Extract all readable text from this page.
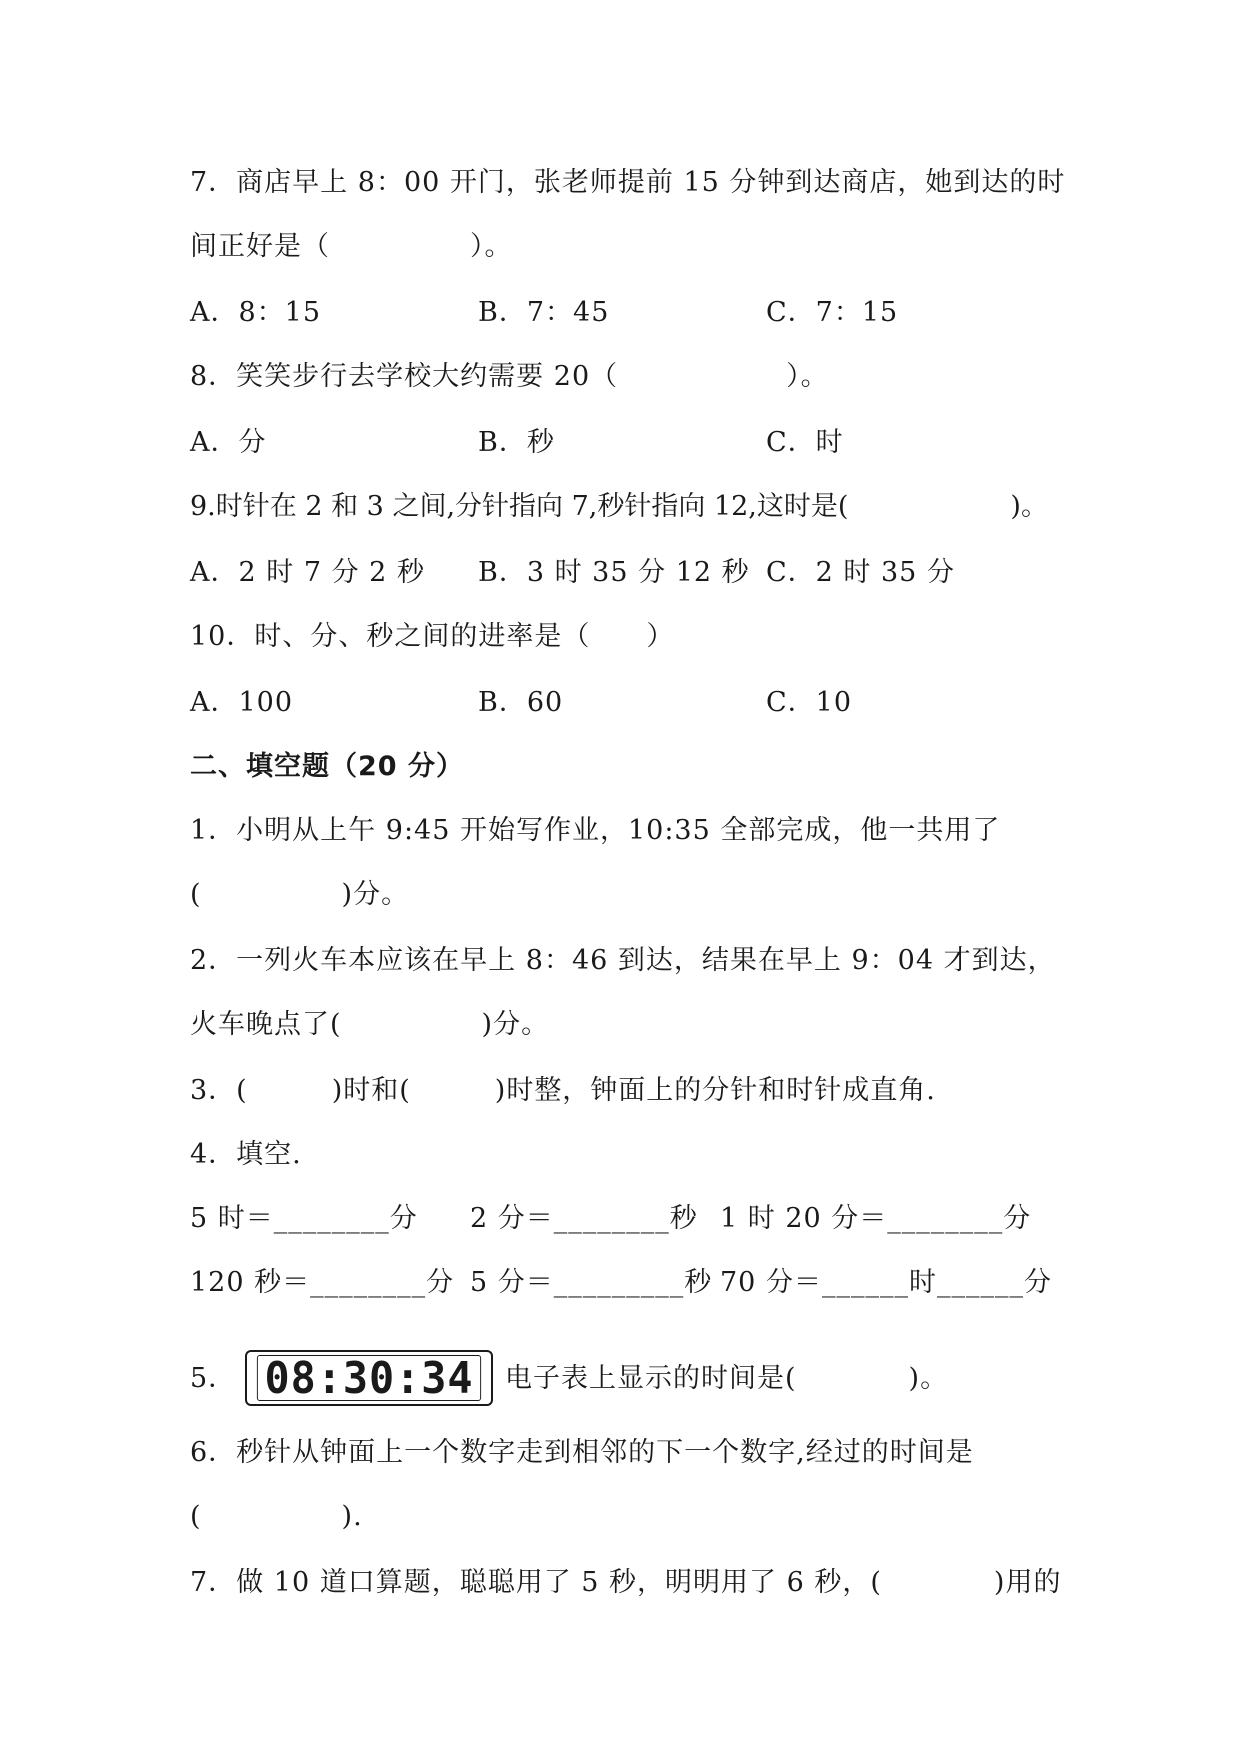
7．商店早上 8：00 开门，张老师提前 15 分钟到达商店，她到达的时
间正好是（　　　　　）。
A．8：15	B．7：45	C．7：15
8．笑笑步行去学校大约需要 20（　　　　　　）。
A．分	B．秒	C．时
9.时针在 2 和 3 之间,分针指向 7,秒针指向 12,这时是(　　　　　　)。
A．2 时 7 分 2 秒 B．3 时 35 分 12 秒 C．2 时 35 分
10．时、分、秒之间的进率是（　　）
A．100	B．60	C．10
二、填空题（20 分）
1．小明从上午 9:45 开始写作业，10:35 全部完成，他一共用了
(　　　　　)分。
2．一列火车本应该在早上 8：46 到达，结果在早上 9：04 才到达，
火车晚点了(　　　　　)分。
3．(　　　)时和(　　　)时整，钟面上的分针和时针成直角.
4．填空.
5 时＝________分 2 分＝________秒 1 时 20 分＝________分
120 秒＝________分 5 分＝_________秒 70 分＝______时______分
5． 08:30:34 电子表上显示的时间是(　　　　)。
6．秒针从钟面上一个数字走到相邻的下一个数字,经过的时间是
(　　　　　).
7．做 10 道口算题，聪聪用了 5 秒，明明用了 6 秒，(　　　　)用的
